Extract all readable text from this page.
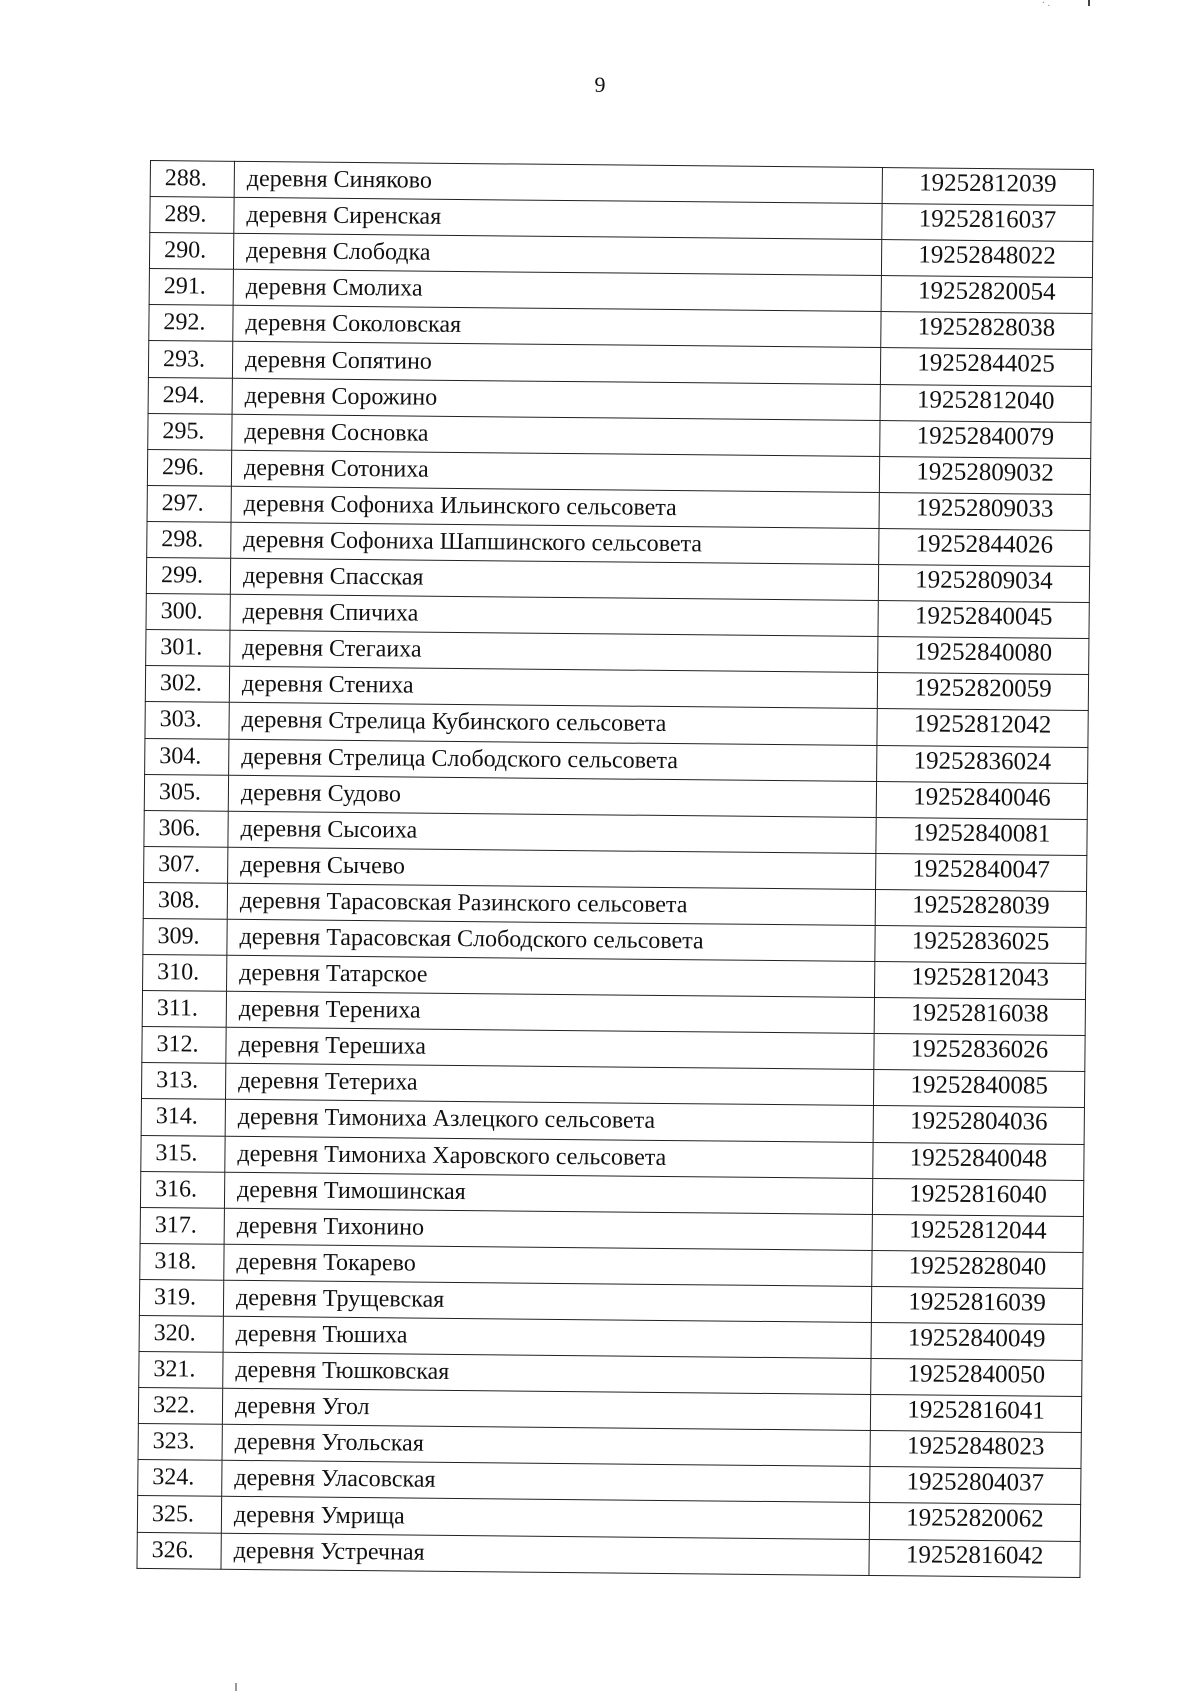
· .
9
288.	деревня Синяково	19252812039
289.	деревня Сиренская	19252816037
290.	деревня Слободка	19252848022
291.	деревня Смолиха	19252820054
292.	деревня Соколовская	19252828038
293.	деревня Сопятино	19252844025
294.	деревня Сорожино	19252812040
295.	деревня Сосновка	19252840079
296.	деревня Сотониха	19252809032
297.	деревня Софониха Ильинского сельсовета	19252809033
298.	деревня Софониха Шапшинского сельсовета	19252844026
299.	деревня Спасская	19252809034
300.	деревня Спичиха	19252840045
301.	деревня Стегаиха	19252840080
302.	деревня Стениха	19252820059
303.	деревня Стрелица Кубинского сельсовета	19252812042
304.	деревня Стрелица Слободского сельсовета	19252836024
305.	деревня Судово	19252840046
306.	деревня Сысоиха	19252840081
307.	деревня Сычево	19252840047
308.	деревня Тарасовская Разинского сельсовета	19252828039
309.	деревня Тарасовская Слободского сельсовета	19252836025
310.	деревня Татарское	19252812043
311.	деревня Терениха	19252816038
312.	деревня Терешиха	19252836026
313.	деревня Тетериха	19252840085
314.	деревня Тимониха Азлецкого сельсовета	19252804036
315.	деревня Тимониха Харовского сельсовета	19252840048
316.	деревня Тимошинская	19252816040
317.	деревня Тихонино	19252812044
318.	деревня Токарево	19252828040
319.	деревня Трущевская	19252816039
320.	деревня Тюшиха	19252840049
321.	деревня Тюшковская	19252840050
322.	деревня Угол	19252816041
323.	деревня Угольская	19252848023
324.	деревня Уласовская	19252804037
325.	деревня Умрища	19252820062
326.	деревня Устречная	19252816042
